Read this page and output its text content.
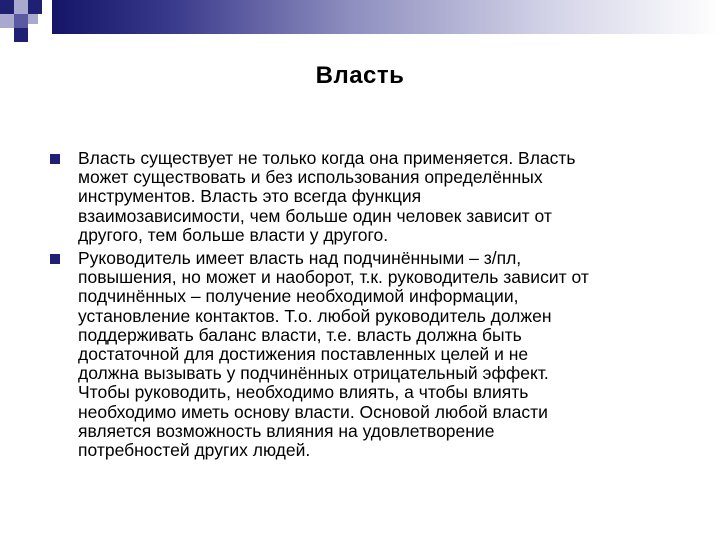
Власть
Власть существует не только когда она применяется. Власть
может существовать и без использования определённых
инструментов. Власть это всегда функция
взаимозависимости, чем больше один человек зависит от
другого, тем больше власти у другого.
Руководитель имеет власть над подчинёнными – з/пл,
повышения, но может и наоборот, т.к. руководитель зависит от
подчинённых – получение необходимой информации,
установление контактов. Т.о. любой руководитель должен
поддерживать баланс власти, т.е. власть должна быть
достаточной для достижения поставленных целей и не
должна вызывать у подчинённых отрицательный эффект.
Чтобы руководить, необходимо влиять, а чтобы влиять
необходимо иметь основу власти. Основой любой власти
является возможность влияния на удовлетворение
потребностей других людей.
